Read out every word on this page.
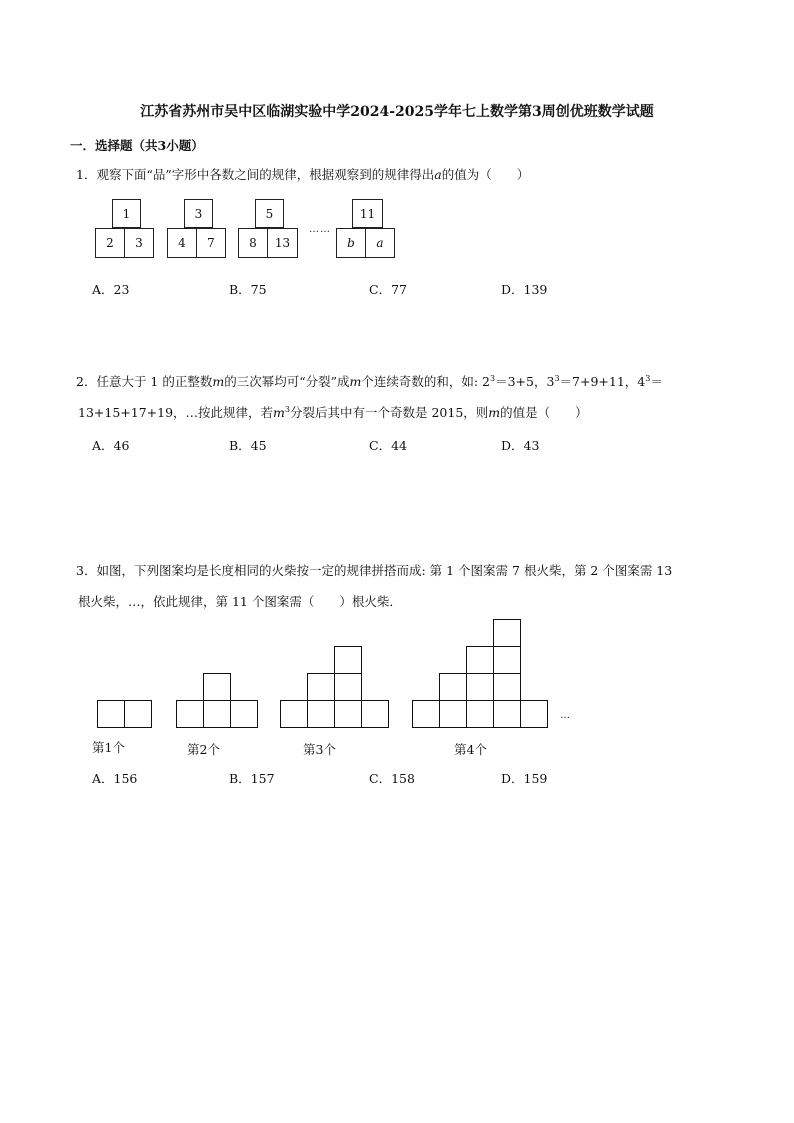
江苏省苏州市吴中区临湖实验中学2024-2025学年七上数学第3周创优班数学试题
一．选择题（共3小题）
1．观察下面“品”字形中各数之间的规律，根据观察到的规律得出a的值为（　　）
1
2	3
3
4	7
5
8	13
……
11
b	a
A．23	B．75	C．77	D．139
2．任意大于 1 的正整数m的三次幂均可“分裂”成m个连续奇数的和，如: $2^3=3+5$，$3^3=7+9+11$，$4^3=$
13+15+17+19，…按此规律，若$m^3$分裂后其中有一个奇数是 2015，则m的值是（　　）
A．46	B．45	C．44	D．43
3．如图，下列图案均是长度相同的火柴按一定的规律拼搭而成: 第 1 个图案需 7 根火柴，第 2 个图案需 13
根火柴，…，依此规律，第 11 个图案需（　　）根火柴．
…
第1个	第2个	第3个	第4个
A．156	B．157	C．158	D．159
